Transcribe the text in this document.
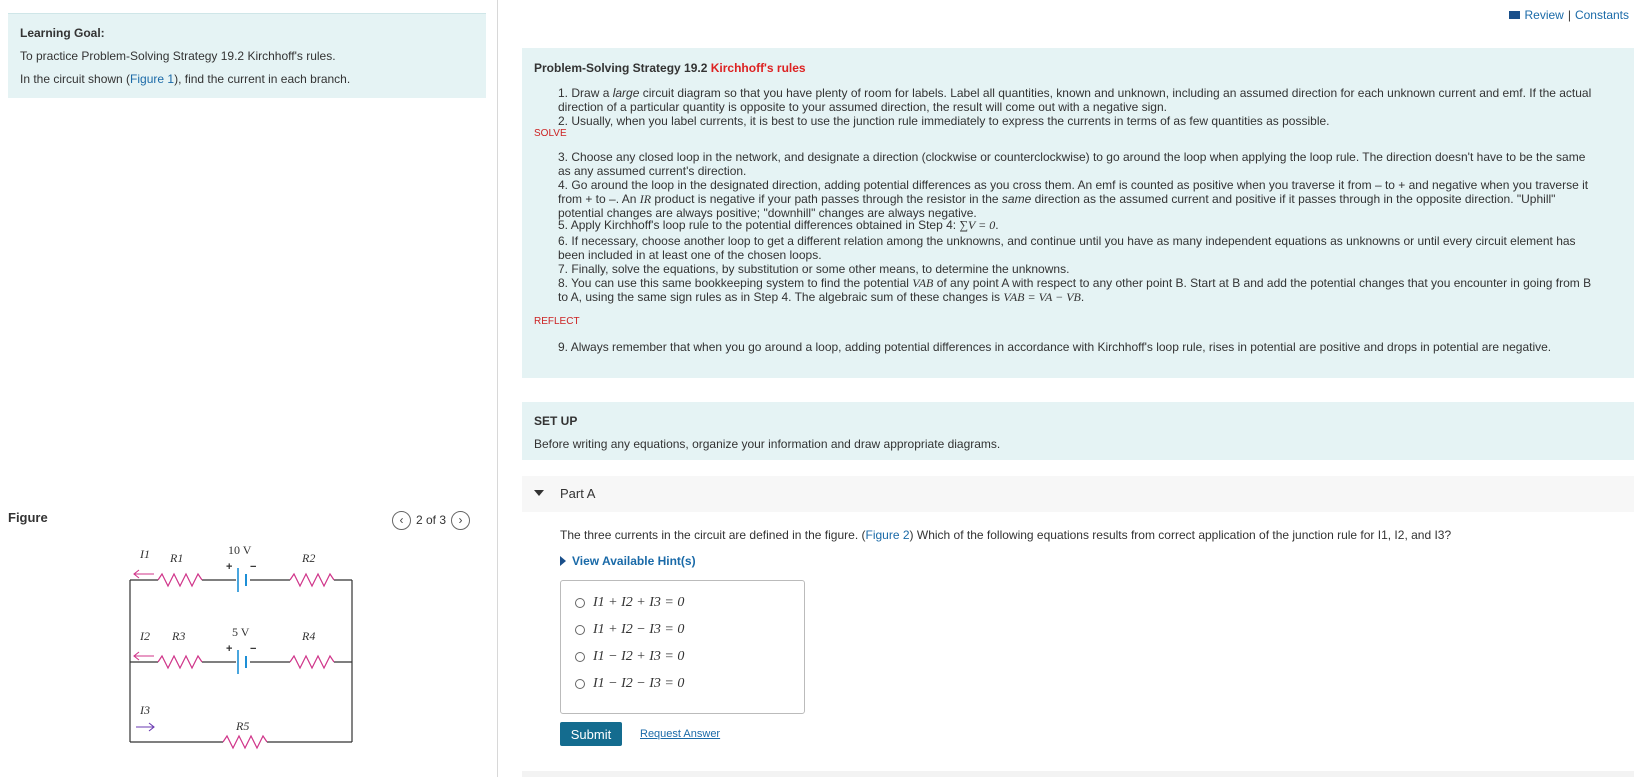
Learning Goal:
To practice Problem-Solving Strategy 19.2 Kirchhoff's rules.
In the circuit shown (Figure 1), find the current in each branch.
Figure	‹	2 of 3	›
I1 R1
10 V
+ −
R2
I2 R3	5 V
+ −
R4
I3
R5
Review | Constants
Problem-Solving Strategy 19.2 Kirchhoff's rules
1. Draw a large circuit diagram so that you have plenty of room for labels. Label all quantities, known and unknown, including an assumed direction for each unknown current and emf. If the actual direction of a particular quantity is opposite to your assumed direction, the result will come out with a negative sign.
2. Usually, when you label currents, it is best to use the junction rule immediately to express the currents in terms of as few quantities as possible.
SOLVE
3. Choose any closed loop in the network, and designate a direction (clockwise or counterclockwise) to go around the loop when applying the loop rule. The direction doesn't have to be the same as any assumed current's direction.
4. Go around the loop in the designated direction, adding potential differences as you cross them. An emf is counted as positive when you traverse it from – to + and negative when you traverse it from + to –. An IR product is negative if your path passes through the resistor in the same direction as the assumed current and positive if it passes through in the opposite direction. "Uphill" potential changes are always positive; "downhill" changes are always negative.
5. Apply Kirchhoff's loop rule to the potential differences obtained in Step 4: ∑V = 0.
6. If necessary, choose another loop to get a different relation among the unknowns, and continue until you have as many independent equations as unknowns or until every circuit element has been included in at least one of the chosen loops.
7. Finally, solve the equations, by substitution or some other means, to determine the unknowns.
8. You can use this same bookkeeping system to find the potential VAB of any point A with respect to any other point B. Start at B and add the potential changes that you encounter in going from B to A, using the same sign rules as in Step 4. The algebraic sum of these changes is VAB = VA − VB.
REFLECT
9. Always remember that when you go around a loop, adding potential differences in accordance with Kirchhoff's loop rule, rises in potential are positive and drops in potential are negative.
SET UP
Before writing any equations, organize your information and draw appropriate diagrams.
Part A
The three currents in the circuit are defined in the figure. (Figure 2) Which of the following equations results from correct application of the junction rule for I1, I2, and I3?
View Available Hint(s)
I1 + I2 + I3 = 0
I1 + I2 − I3 = 0
I1 − I2 + I3 = 0
I1 − I2 − I3 = 0
Submit	Request Answer
